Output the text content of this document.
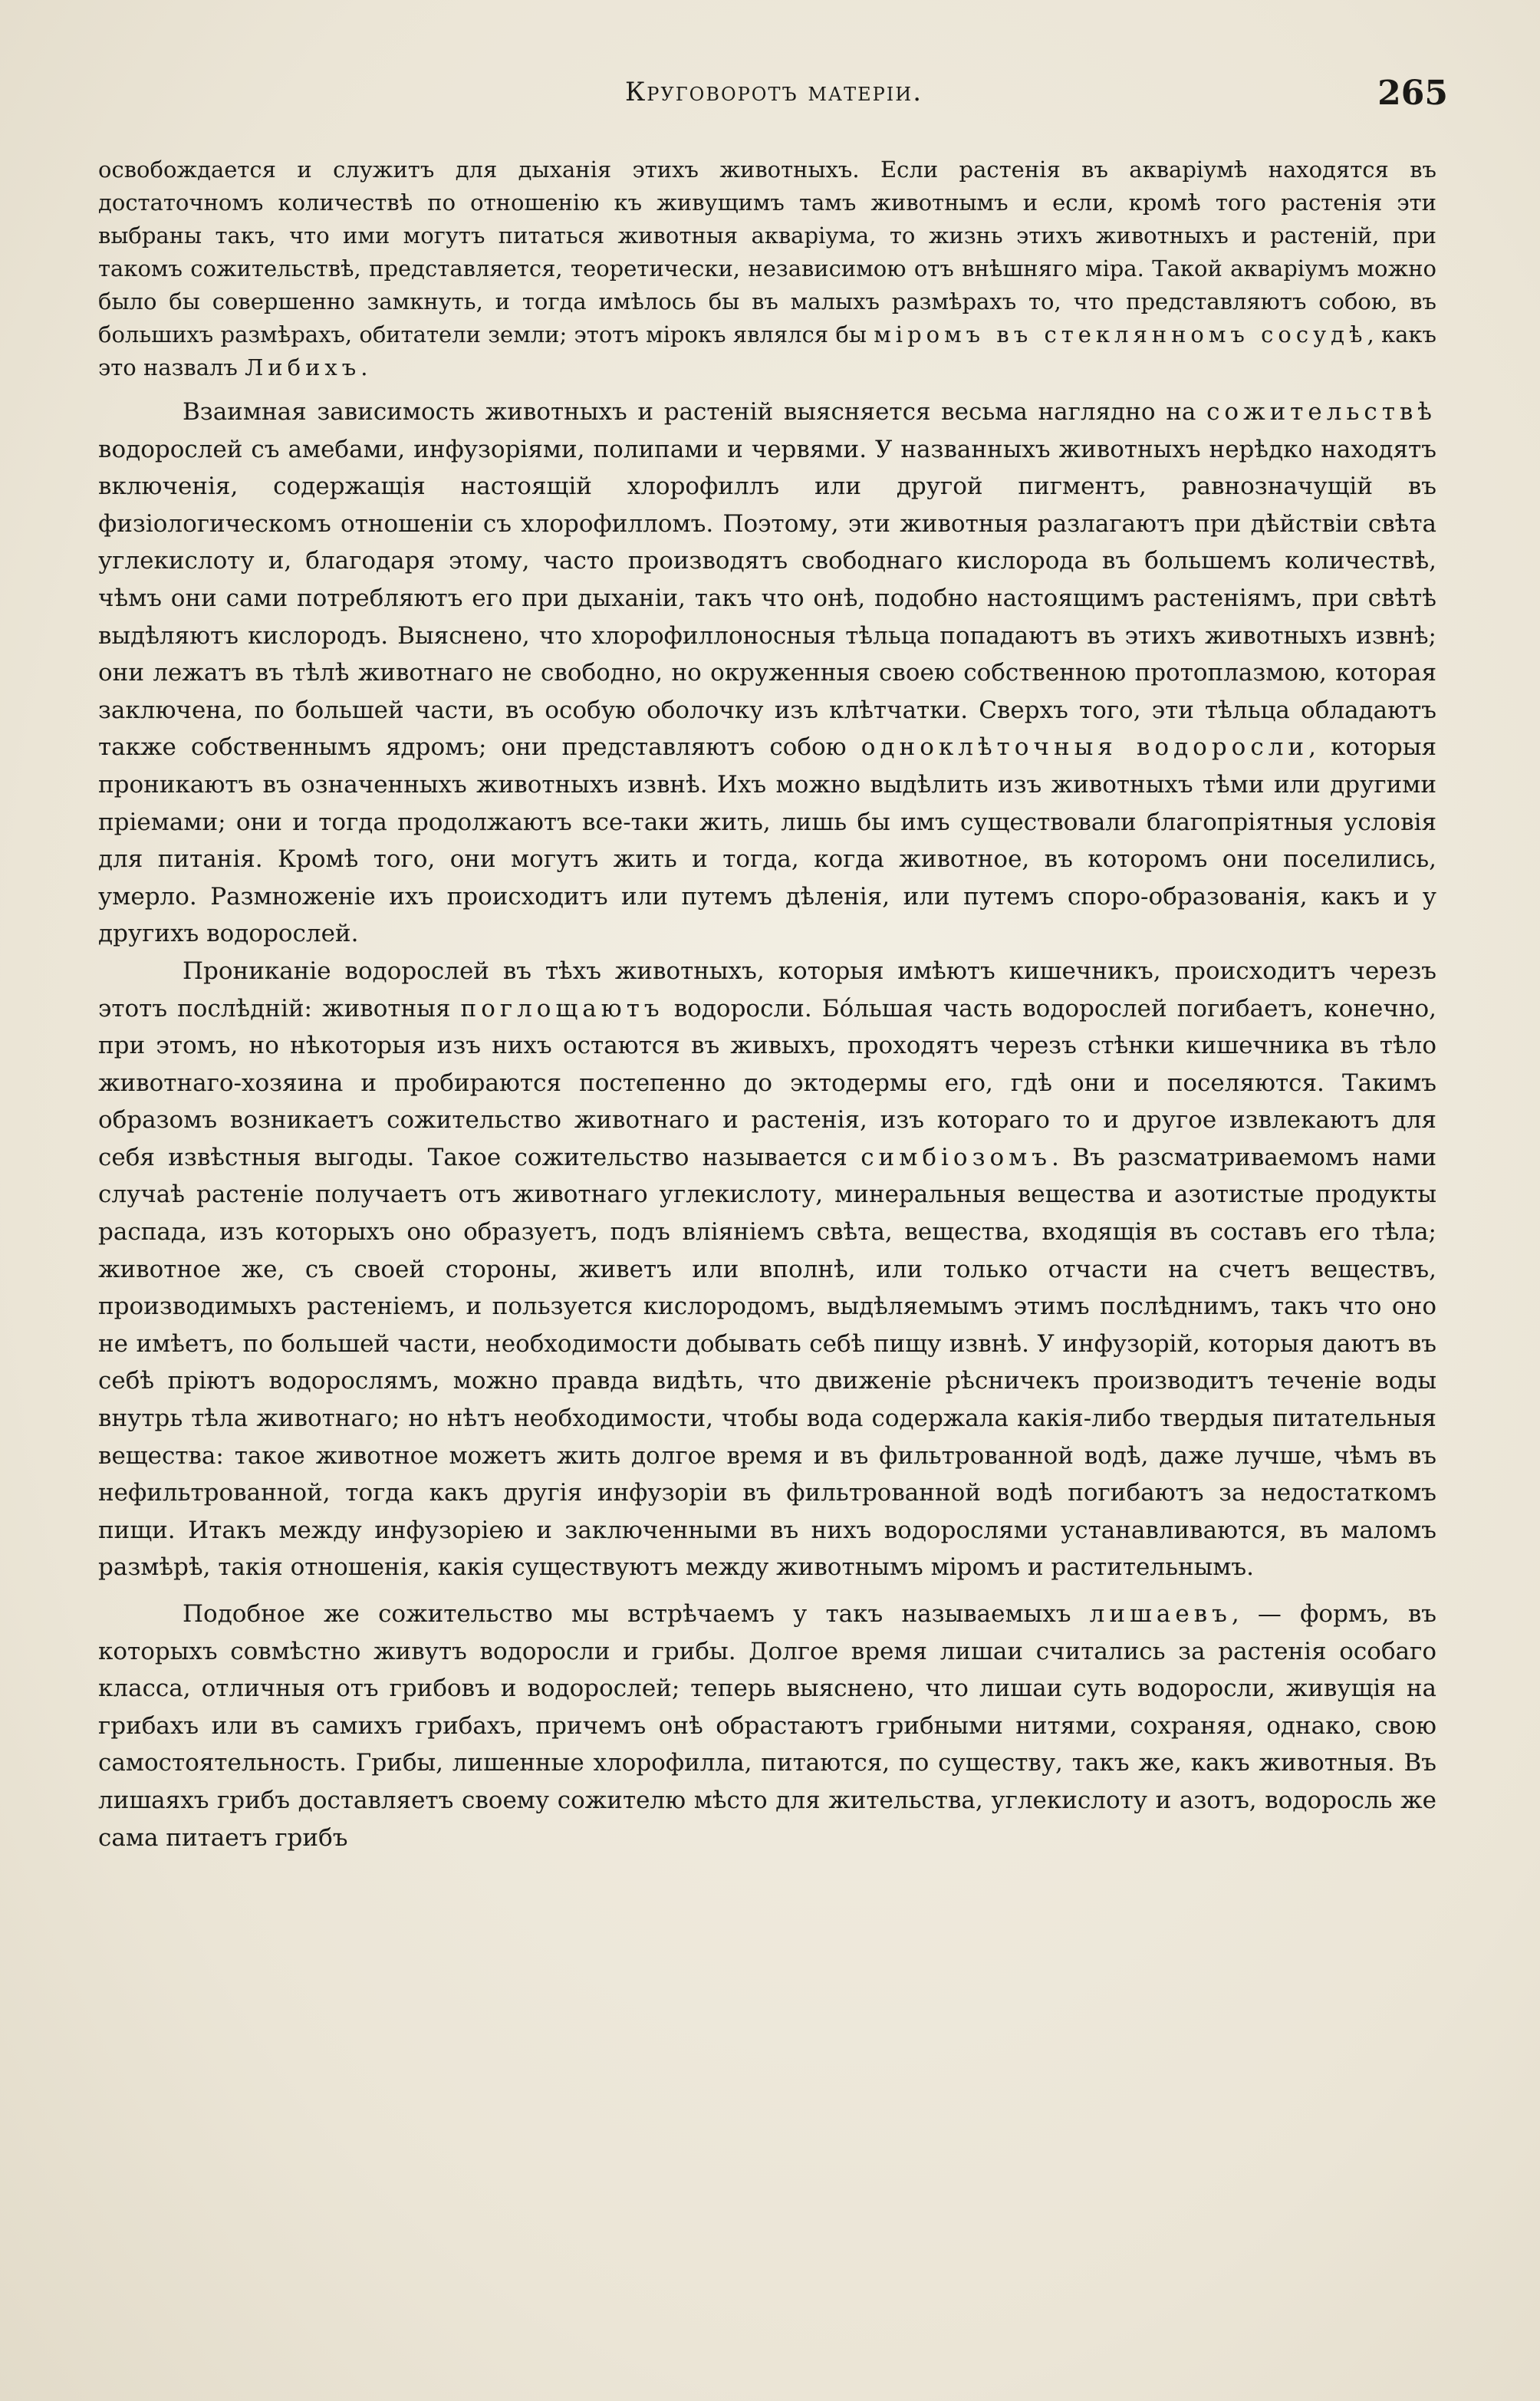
Круговоротъ матеріи.	265

освобождается и служитъ для дыханія этихъ животныхъ. Если растенія въ акваріумѣ находятся въ достаточномъ количествѣ по отношенію къ живущимъ тамъ животнымъ и если, кромѣ того растенія эти выбраны такъ, что ими могутъ питаться животныя акваріума, то жизнь этихъ животныхъ и растеній, при такомъ сожительствѣ, представляется, теоретически, независимою отъ внѣшняго міра. Такой акваріумъ можно было бы совершенно замкнуть, и тогда имѣлось бы въ малыхъ размѣрахъ то, что представляютъ собою, въ большихъ размѣрахъ, обитатели земли; этотъ мірокъ являлся бы міромъ въ стеклянномъ сосудѣ, какъ это назвалъ Либихъ.

Взаимная зависимость животныхъ и растеній выясняется весьма наглядно на сожительствѣ водорослей съ амебами, инфузоріями, полипами и червями. У названныхъ животныхъ нерѣдко находятъ включенія, содержащія настоящій хлорофиллъ или другой пигментъ, равнозначущій въ физіологическомъ отношеніи съ хлорофилломъ. Поэтому, эти животныя разлагаютъ при дѣйствіи свѣта углекислоту и, благодаря этому, часто производятъ свободнаго кислорода въ большемъ количествѣ, чѣмъ они сами потребляютъ его при дыханіи, такъ что онѣ, подобно настоящимъ растеніямъ, при свѣтѣ выдѣляютъ кислородъ. Выяснено, что хлорофиллоносныя тѣльца попадаютъ въ этихъ животныхъ извнѣ; они лежатъ въ тѣлѣ животнаго не свободно, но окруженныя своею собственною протоплазмою, которая заключена, по большей части, въ особую оболочку изъ клѣтчатки. Сверхъ того, эти тѣльца обладаютъ также собственнымъ ядромъ; они представляютъ собою одноклѣточныя водоросли, которыя проникаютъ въ означенныхъ животныхъ извнѣ. Ихъ можно выдѣлить изъ животныхъ тѣми или другими пріемами; они и тогда продолжаютъ все-таки жить, лишь бы имъ существовали благопріятныя условія для питанія. Кромѣ того, они могутъ жить и тогда, когда животное, въ которомъ они поселились, умерло. Размноженіе ихъ происходитъ или путемъ дѣленія, или путемъ споро-образованія, какъ и у другихъ водорослей.

Прониканіе водорослей въ тѣхъ животныхъ, которыя имѣютъ кишечникъ, происходитъ черезъ этотъ послѣдній: животныя поглощаютъ водоросли. Бо́льшая часть водорослей погибаетъ, конечно, при этомъ, но нѣкоторыя изъ нихъ остаются въ живыхъ, проходятъ черезъ стѣнки кишечника въ тѣло животнаго-хозяина и пробираются постепенно до эктодермы его, гдѣ они и поселяются. Такимъ образомъ возникаетъ сожительство животнаго и растенія, изъ котораго то и другое извлекаютъ для себя извѣстныя выгоды. Такое сожительство называется симбіозомъ. Въ разсматриваемомъ нами случаѣ растеніе получаетъ отъ животнаго углекислоту, минеральныя вещества и азотистые продукты распада, изъ которыхъ оно образуетъ, подъ вліяніемъ свѣта, вещества, входящія въ составъ его тѣла; животное же, съ своей стороны, живетъ или вполнѣ, или только отчасти на счетъ веществъ, производимыхъ растеніемъ, и пользуется кислородомъ, выдѣляемымъ этимъ послѣднимъ, такъ что оно не имѣетъ, по большей части, необходимости добывать себѣ пищу извнѣ. У инфузорій, которыя даютъ въ себѣ пріютъ водорослямъ, можно правда видѣть, что движеніе рѣсничекъ производитъ теченіе воды внутрь тѣла животнаго; но нѣтъ необходимости, чтобы вода содержала какія-либо твердыя питательныя вещества: такое животное можетъ жить долгое время и въ фильтрованной водѣ, даже лучше, чѣмъ въ нефильтрованной, тогда какъ другія инфузоріи въ фильтрованной водѣ погибаютъ за недостаткомъ пищи. Итакъ между инфузоріею и заключенными въ нихъ водорослями устанавливаются, въ маломъ размѣрѣ, такія отношенія, какія существуютъ между животнымъ міромъ и растительнымъ.

Подобное же сожительство мы встрѣчаемъ у такъ называемыхъ лишаевъ, — формъ, въ которыхъ совмѣстно живутъ водоросли и грибы. Долгое время лишаи считались за растенія особаго класса, отличныя отъ грибовъ и водорослей; теперь выяснено, что лишаи суть водоросли, живущія на грибахъ или въ самихъ грибахъ, причемъ онѣ обрастаютъ грибными нитями, сохраняя, однако, свою самостоятельность. Грибы, лишенные хлорофилла, питаются, по существу, такъ же, какъ животныя. Въ лишаяхъ грибъ доставляетъ своему сожителю мѣсто для жительства, углекислоту и азотъ, водоросль же сама питаетъ грибъ
